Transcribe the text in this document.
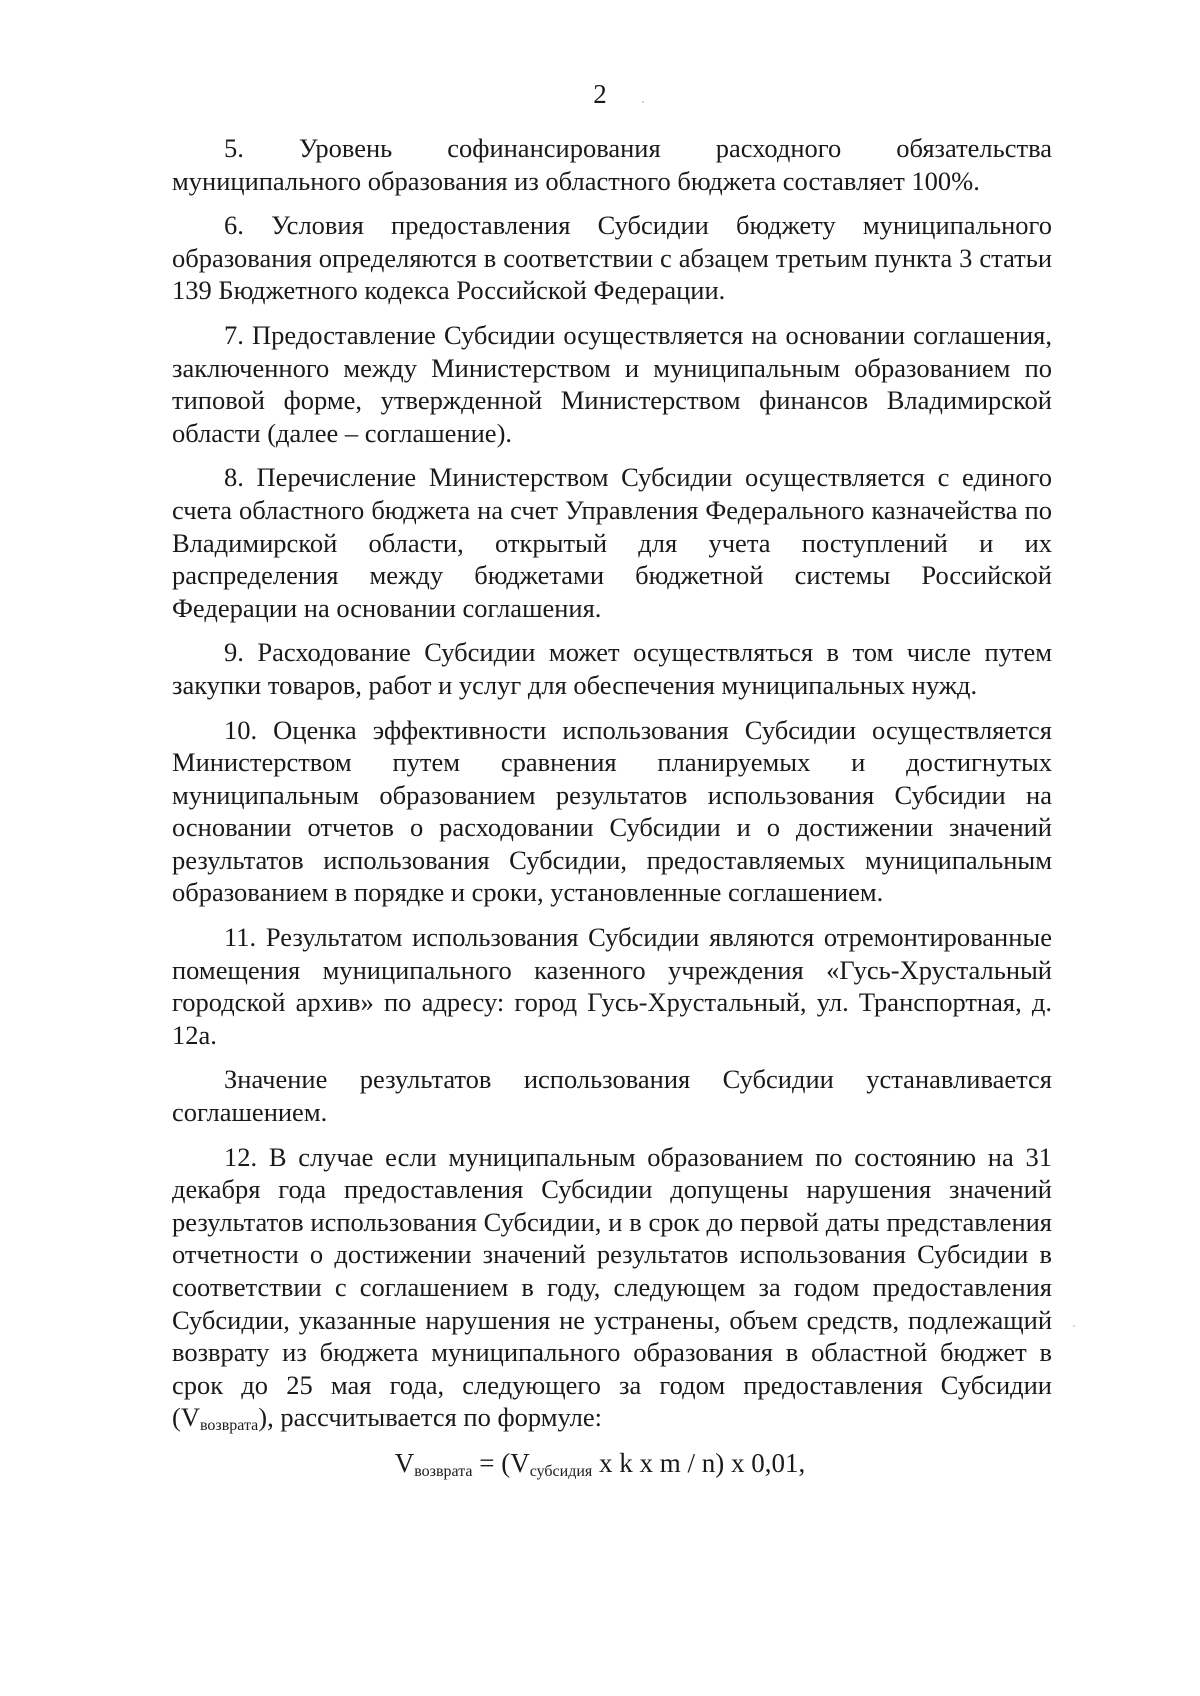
2

5. Уровень софинансирования расходного обязательства муниципального образования из областного бюджета составляет 100%.

6. Условия предоставления Субсидии бюджету муниципального образования определяются в соответствии с абзацем третьим пункта 3 статьи 139 Бюджетного кодекса Российской Федерации.

7. Предоставление Субсидии осуществляется на основании соглашения, заключенного между Министерством и муниципальным образованием по типовой форме, утвержденной Министерством финансов Владимирской области (далее – соглашение).

8. Перечисление Министерством Субсидии осуществляется с единого счета областного бюджета на счет Управления Федерального казначейства по Владимирской области, открытый для учета поступлений и их распределения между бюджетами бюджетной системы Российской Федерации на основании соглашения.

9. Расходование Субсидии может осуществляться в том числе путем закупки товаров, работ и услуг для обеспечения муниципальных нужд.

10. Оценка эффективности использования Субсидии осуществляется Министерством путем сравнения планируемых и достигнутых муниципальным образованием результатов использования Субсидии на основании отчетов о расходовании Субсидии и о достижении значений результатов использования Субсидии, предоставляемых муниципальным образованием в порядке и сроки, установленные соглашением.

11. Результатом использования Субсидии являются отремонтированные помещения муниципального казенного учреждения «Гусь-Хрустальный городской архив» по адресу: город Гусь-Хрустальный, ул. Транспортная, д. 12а.

Значение результатов использования Субсидии устанавливается соглашением.

12. В случае если муниципальным образованием по состоянию на 31 декабря года предоставления Субсидии допущены нарушения значений результатов использования Субсидии, и в срок до первой даты представления отчетности о достижении значений результатов использования Субсидии в соответствии с соглашением в году, следующем за годом предоставления Субсидии, указанные нарушения не устранены, объем средств, подлежащий возврату из бюджета муниципального образования в областной бюджет в срок до 25 мая года, следующего за годом предоставления Субсидии (Vвозврата), рассчитывается по формуле:

$V_{возврата} = (V_{субсидия}$ x k x m / n) x 0,01,
